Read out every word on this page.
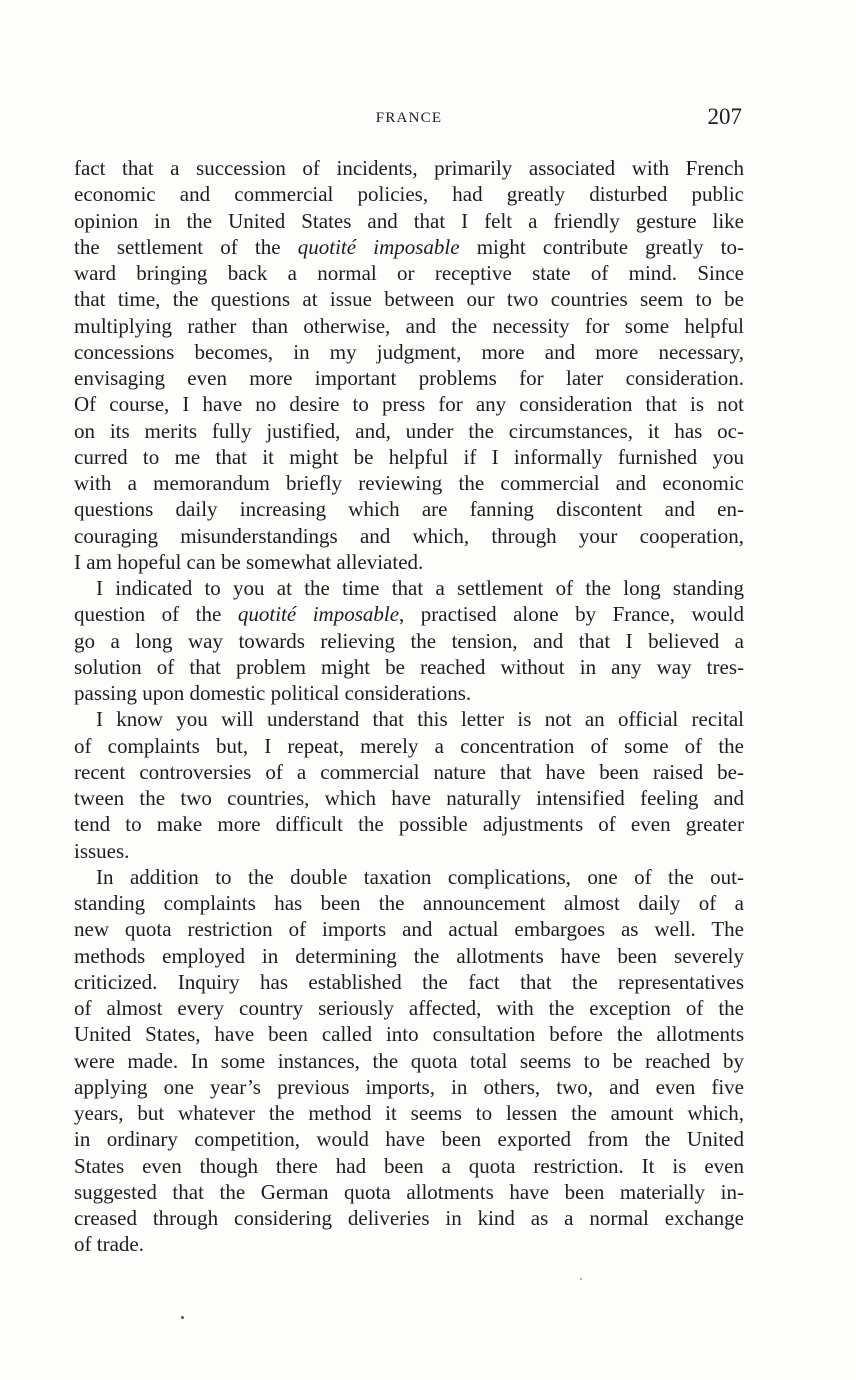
FRANCE	207
fact that a succession of incidents, primarily associated with French
economic and commercial policies, had greatly disturbed public
opinion in the United States and that I felt a friendly gesture like
the settlement of the quotité imposable might contribute greatly to-
ward bringing back a normal or receptive state of mind. Since
that time, the questions at issue between our two countries seem to be
multiplying rather than otherwise, and the necessity for some helpful
concessions becomes, in my judgment, more and more necessary,
envisaging even more important problems for later consideration.
Of course, I have no desire to press for any consideration that is not
on its merits fully justified, and, under the circumstances, it has oc-
curred to me that it might be helpful if I informally furnished you
with a memorandum briefly reviewing the commercial and economic
questions daily increasing which are fanning discontent and en-
couraging misunderstandings and which, through your cooperation,
I am hopeful can be somewhat alleviated.
I indicated to you at the time that a settlement of the long standing
question of the quotité imposable, practised alone by France, would
go a long way towards relieving the tension, and that I believed a
solution of that problem might be reached without in any way tres-
passing upon domestic political considerations.
I know you will understand that this letter is not an official recital
of complaints but, I repeat, merely a concentration of some of the
recent controversies of a commercial nature that have been raised be-
tween the two countries, which have naturally intensified feeling and
tend to make more difficult the possible adjustments of even greater
issues.
In addition to the double taxation complications, one of the out-
standing complaints has been the announcement almost daily of a
new quota restriction of imports and actual embargoes as well. The
methods employed in determining the allotments have been severely
criticized. Inquiry has established the fact that the representatives
of almost every country seriously affected, with the exception of the
United States, have been called into consultation before the allotments
were made. In some instances, the quota total seems to be reached by
applying one year’s previous imports, in others, two, and even five
years, but whatever the method it seems to lessen the amount which,
in ordinary competition, would have been exported from the United
States even though there had been a quota restriction. It is even
suggested that the German quota allotments have been materially in-
creased through considering deliveries in kind as a normal exchange
of trade.
